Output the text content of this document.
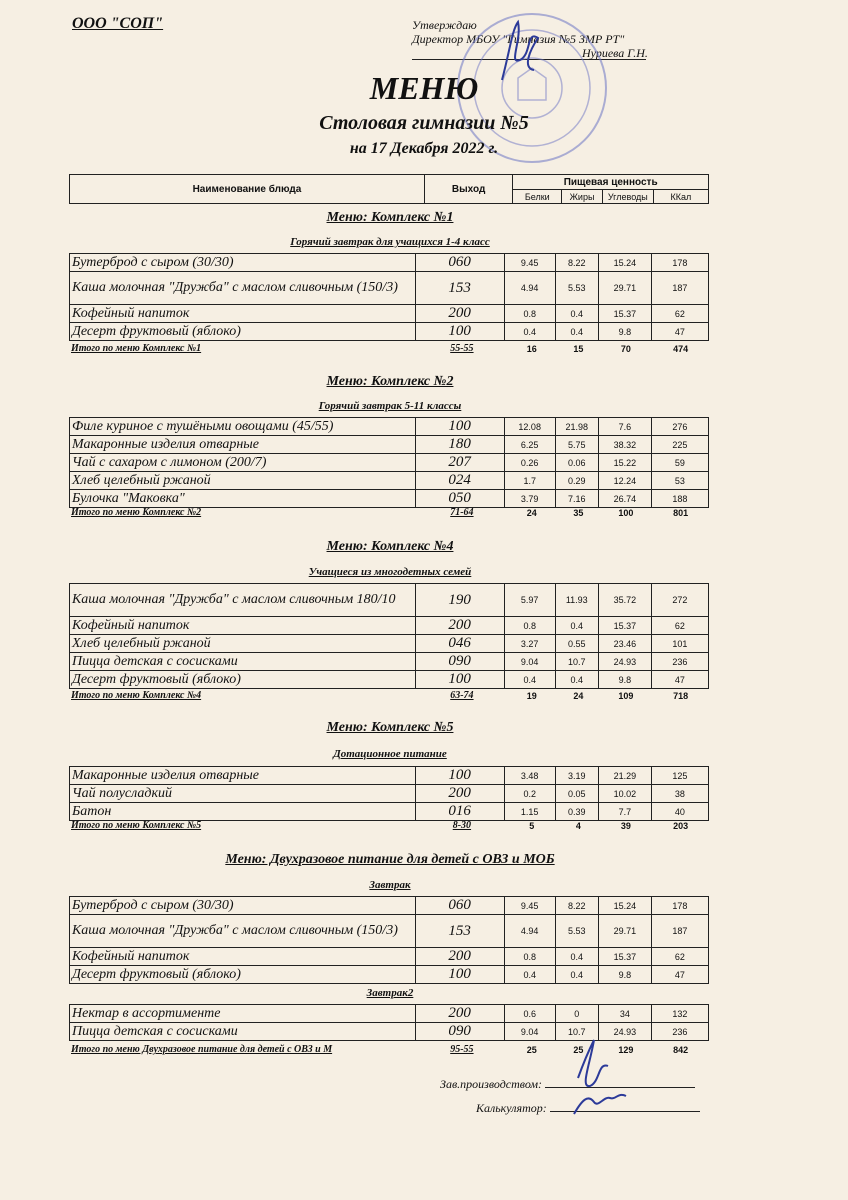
ООО "СОП"	Утверждаю
Директор МБОУ "Гимназия №5 ЗМР РТ"
Нуриева Г.Н.
МЕНЮ
Столовая гимназии №5
на 17 Декабря 2022 г.
Наименование блюда	Выход	Пищевая ценность			
		Белки	Жиры	Углеводы	ККал
Меню: Комплекс №1
Горячий завтрак для учащихся 1-4 класс
Бутерброд с сыром (30/30)	060	9.45	8.22	15.24	178
Каша молочная "Дружба" с маслом сливочным (150/3)	153	4.94	5.53	29.71	187
Кофейный напиток	200	0.8	0.4	15.37	62
Десерт фруктовый (яблоко)	100	0.4	0.4	9.8	47
Итого по меню Комплекс №1	55-55	16	15	70	474
Меню: Комплекс №2
Горячий завтрак 5-11 классы
Филе куриное с тушёными овощами (45/55)	100	12.08	21.98	7.6	276
Макаронные изделия отварные	180	6.25	5.75	38.32	225
Чай с сахаром с лимоном (200/7)	207	0.26	0.06	15.22	59
Хлеб целебный ржаной	024	1.7	0.29	12.24	53
Булочка "Маковка"	050	3.79	7.16	26.74	188
Итого по меню Комплекс №2	71-64	24	35	100	801
Меню: Комплекс №4
Учащиеся из многодетных семей
Каша молочная "Дружба" с маслом сливочным 180/10	190	5.97	11.93	35.72	272
Кофейный напиток	200	0.8	0.4	15.37	62
Хлеб целебный ржаной	046	3.27	0.55	23.46	101
Пицца детская с сосисками	090	9.04	10.7	24.93	236
Десерт фруктовый (яблоко)	100	0.4	0.4	9.8	47
Итого по меню Комплекс №4	63-74	19	24	109	718
Меню: Комплекс №5
Дотационное питание
Макаронные изделия отварные	100	3.48	3.19	21.29	125
Чай полусладкий	200	0.2	0.05	10.02	38
Батон	016	1.15	0.39	7.7	40
Итого по меню Комплекс №5	8-30	5	4	39	203
Меню: Двухразовое питание для детей с ОВЗ и МОБ
Завтрак
Бутерброд с сыром (30/30)	060	9.45	8.22	15.24	178
Каша молочная "Дружба" с маслом сливочным (150/3)	153	4.94	5.53	29.71	187
Кофейный напиток	200	0.8	0.4	15.37	62
Десерт фруктовый (яблоко)	100	0.4	0.4	9.8	47
Завтрак2
Нектар в ассортименте	200	0.6	0	34	132
Пицца детская с сосисками	090	9.04	10.7	24.93	236
Итого по меню Двухразовое питание для детей с ОВЗ и М	95-55	25	25	129	842
Зав.производством:
Калькулятор:
